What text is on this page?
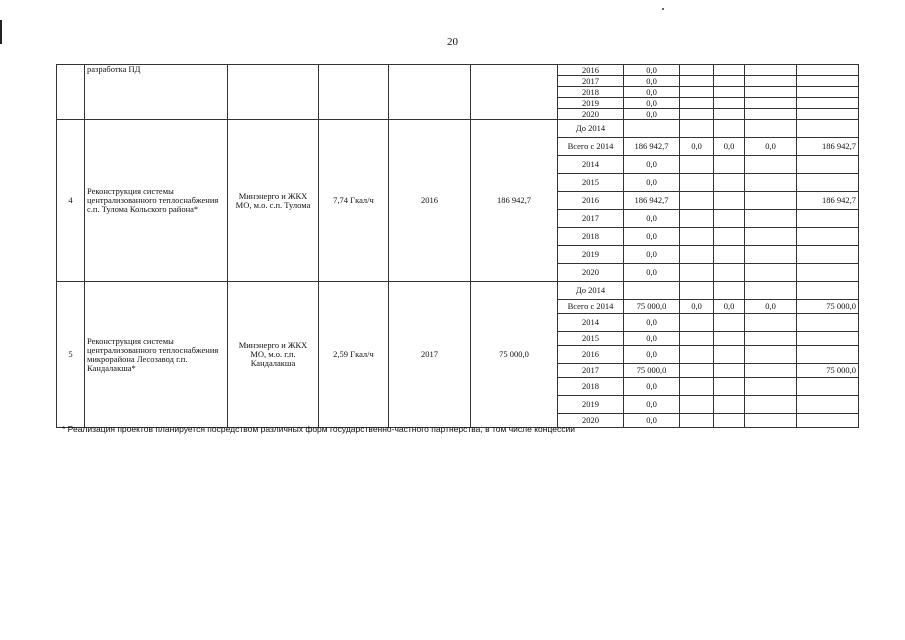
20
	разработка ПД					2016	0,0				
						2017	0,0				
						2018	0,0				
						2019	0,0				
						2020	0,0				
4	Реконструкция системы централизованного теплоснабжения с.п. Тулома Кольского района*	Минэнерго и ЖКХ МО, м.о. с.п. Тулома	7,74 Гкал/ч	2016	186 942,7	До 2014					
						Всего с 2014	186 942,7	0,0	0,0	0,0	186 942,7
						2014	0,0				
						2015	0,0				
						2016	186 942,7				186 942,7
						2017	0,0				
						2018	0,0				
						2019	0,0				
						2020	0,0				
5	Реконструкция системы централизованного теплоснабжения микрорайона Лесозавод г.п. Кандалакша*	Минэнерго и ЖКХ МО, м.о. г.п. Кандалакша	2,59 Гкал/ч	2017	75 000,0	До 2014					
						Всего с 2014	75 000,0	0,0	0,0	0,0	75 000,0
						2014	0,0				
						2015	0,0				
						2016	0,0				
						2017	75 000,0				75 000,0
						2018	0,0				
						2019	0,0				
						2020	0,0				
* Реализация проектов планируется посредством различных форм государственно-частного партнерства, в том числе концессии
